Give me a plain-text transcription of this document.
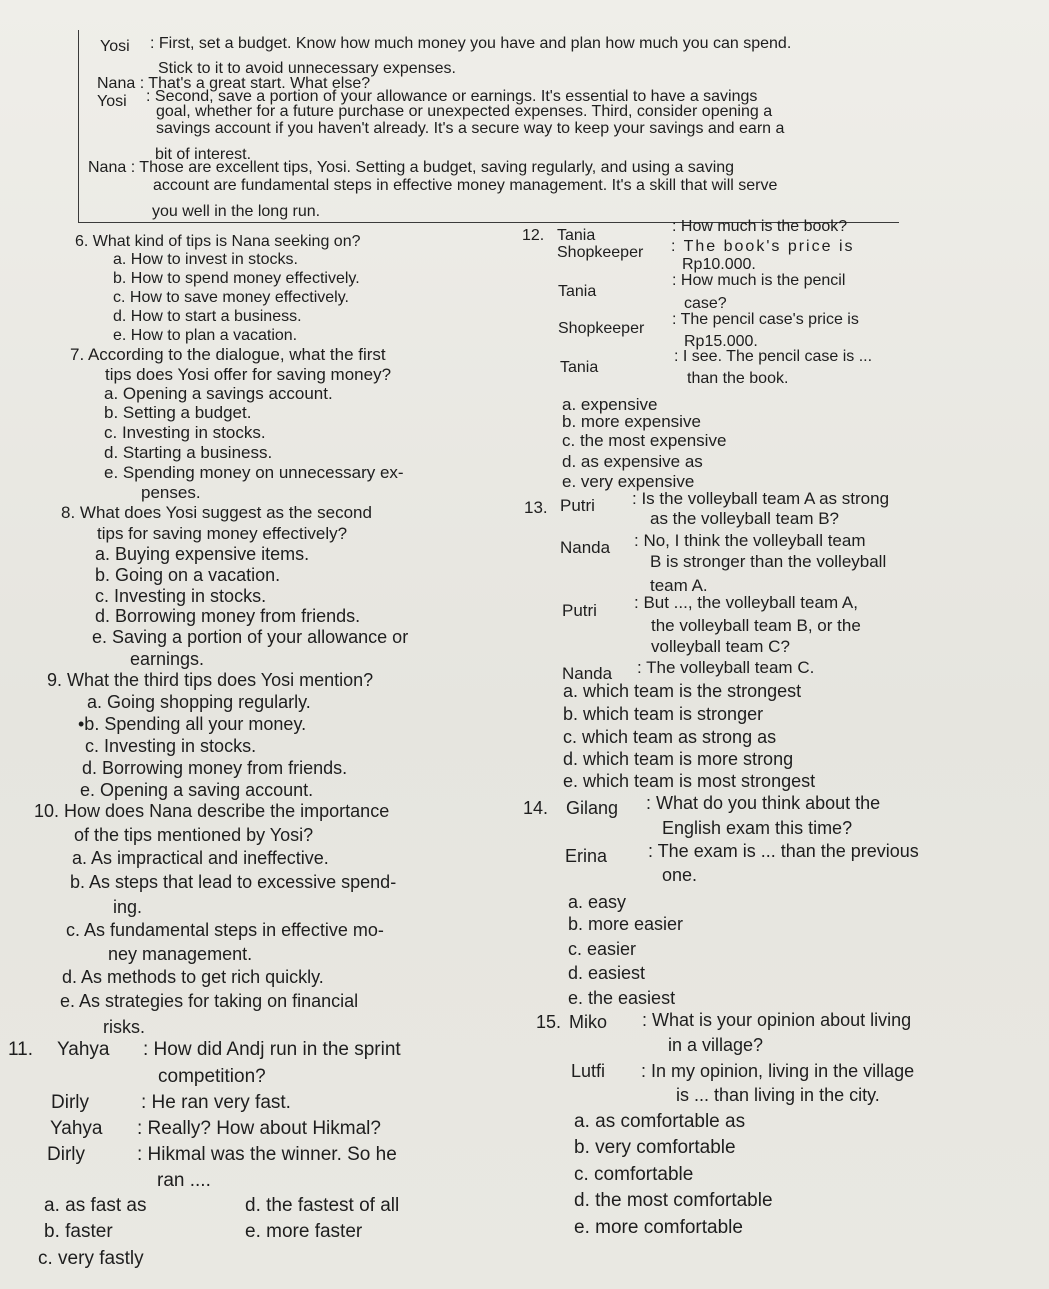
Yosi : First, set a budget. Know how much money you have and plan how much you can spend.
Stick to it to avoid unnecessary expenses.
Nana : That's a great start. What else?
Yosi : Second, save a portion of your allowance or earnings. It's essential to have a savings
goal, whether for a future purchase or unexpected expenses. Third, consider opening a
savings account if you haven't already. It's a secure way to keep your savings and earn a
bit of interest.
Nana : Those are excellent tips, Yosi. Setting a budget, saving regularly, and using a saving
account are fundamental steps in effective money management. It's a skill that will serve
you well in the long run.
6. What kind of tips is Nana seeking on?
a. How to invest in stocks.
b. How to spend money effectively.
c. How to save money effectively.
d. How to start a business.
e. How to plan a vacation.
7. According to the dialogue, what the first
tips does Yosi offer for saving money?
a. Opening a savings account.
b. Setting a budget.
c. Investing in stocks.
d. Starting a business.
e. Spending money on unnecessary ex-
penses.
8. What does Yosi suggest as the second
tips for saving money effectively?
a. Buying expensive items.
b. Going on a vacation.
c. Investing in stocks.
d. Borrowing money from friends.
e. Saving a portion of your allowance or
earnings.
9. What the third tips does Yosi mention?
a. Going shopping regularly.
•b. Spending all your money.
c. Investing in stocks.
d. Borrowing money from friends.
e. Opening a saving account.
10. How does Nana describe the importance
of the tips mentioned by Yosi?
a. As impractical and ineffective.
b. As steps that lead to excessive spend-
ing.
c. As fundamental steps in effective mo-
ney management.
d. As methods to get rich quickly.
e. As strategies for taking on financial
risks.
11. Yahya : How did Andj run in the sprint
competition?
Dirly	: He ran very fast.
Yahya : Really? How about Hikmal?
Dirly	: Hikmal was the winner. So he
ran ....
a. as fast as
b. faster
c. very fastly
d. the fastest of all
e. more faster
12. Tania
: How much is the book?
Shopkeeper : The book's price is
Rp10.000.
Tania
: How much is the pencil
case?
Shopkeeper
: The pencil case's price is
Rp15.000.
Tania
: I see. The pencil case is ...
than the book.
a. expensive
b. more expensive
c. the most expensive
d. as expensive as
e. very expensive
13. Putri : Is the volleyball team A as strong
as the volleyball team B?
Nanda : No, I think the volleyball team
B is stronger than the volleyball
team A.
Putri : But ..., the volleyball team A,
the volleyball team B, or the
volleyball team C?
Nanda : The volleyball team C.
a. which team is the strongest
b. which team is stronger
c. which team as strong as
d. which team is more strong
e. which team is most strongest
14. Gilang : What do you think about the
English exam this time?
Erina : The exam is ... than the previous
one.
a. easy
b. more easier
c. easier
d. easiest
e. the easiest
15. Miko : What is your opinion about living
in a village?
Lutfi : In my opinion, living in the village
is ... than living in the city.
a. as comfortable as
b. very comfortable
c. comfortable
d. the most comfortable
e. more comfortable
